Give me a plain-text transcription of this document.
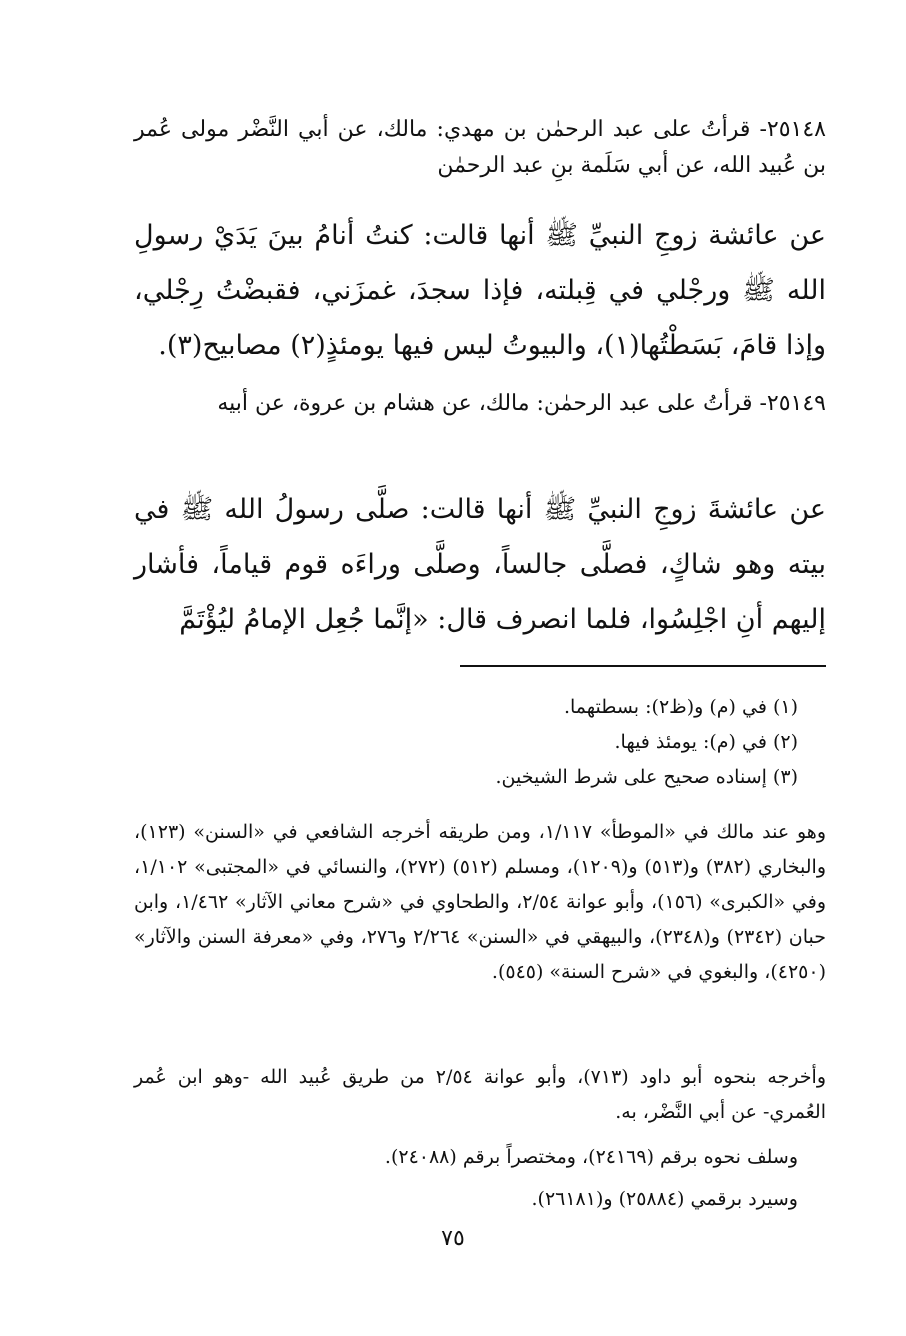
٢٥١٤٨- قرأتُ على عبد الرحمٰن بن مهدي: مالك، عن أبي النَّضْر مولى عُمر بن عُبيد الله، عن أبي سَلَمة بنِ عبد الرحمٰن

عن عائشة زوجِ النبيِّ ﷺ أنها قالت: كنتُ أنامُ بينَ يَدَيْ رسولِ الله ﷺ ورجْلي في قِبلته، فإذا سجدَ، غمزَني، فقبضْتُ رِجْلي، وإذا قامَ، بَسَطْتُها(١)، والبيوتُ ليس فيها يومئذٍ(٢) مصابيح(٣).

٢٥١٤٩- قرأتُ على عبد الرحمٰن: مالك، عن هشام بن عروة، عن أبيه

عن عائشةَ زوجِ النبيِّ ﷺ أنها قالت: صلَّى رسولُ الله ﷺ في بيته وهو شاكٍ، فصلَّى جالساً، وصلَّى وراءَه قوم قياماً، فأشار إليهم أنِ اجْلِسُوا، فلما انصرف قال: «إنَّما جُعِل الإمامُ ليُؤْتَمَّ

(١) في (م) و(ظ٢): بسطتهما.

(٢) في (م): يومئذ فيها.

(٣) إسناده صحيح على شرط الشيخين.

وهو عند مالك في «الموطأ» ١/١١٧، ومن طريقه أخرجه الشافعي في «السنن» (١٢٣)، والبخاري (٣٨٢) و(٥١٣) و(١٢٠٩)، ومسلم (٥١٢) (٢٧٢)، والنسائي في «المجتبى» ١/١٠٢، وفي «الكبرى» (١٥٦)، وأبو عوانة ٢/٥٤، والطحاوي في «شرح معاني الآثار» ١/٤٦٢، وابن حبان (٢٣٤٢) و(٢٣٤٨)، والبيهقي في «السنن» ٢/٢٦٤ و٢٧٦، وفي «معرفة السنن والآثار» (٤٢٥٠)، والبغوي في «شرح السنة» (٥٤٥).

وأخرجه بنحوه أبو داود (٧١٣)، وأبو عوانة ٢/٥٤ من طريق عُبيد الله -وهو ابن عُمر العُمري- عن أبي النَّضْر، به.

وسلف نحوه برقم (٢٤١٦٩)، ومختصراً برقم (٢٤٠٨٨).

وسيرد برقمي (٢٥٨٨٤) و(٢٦١٨١).

٧٥
